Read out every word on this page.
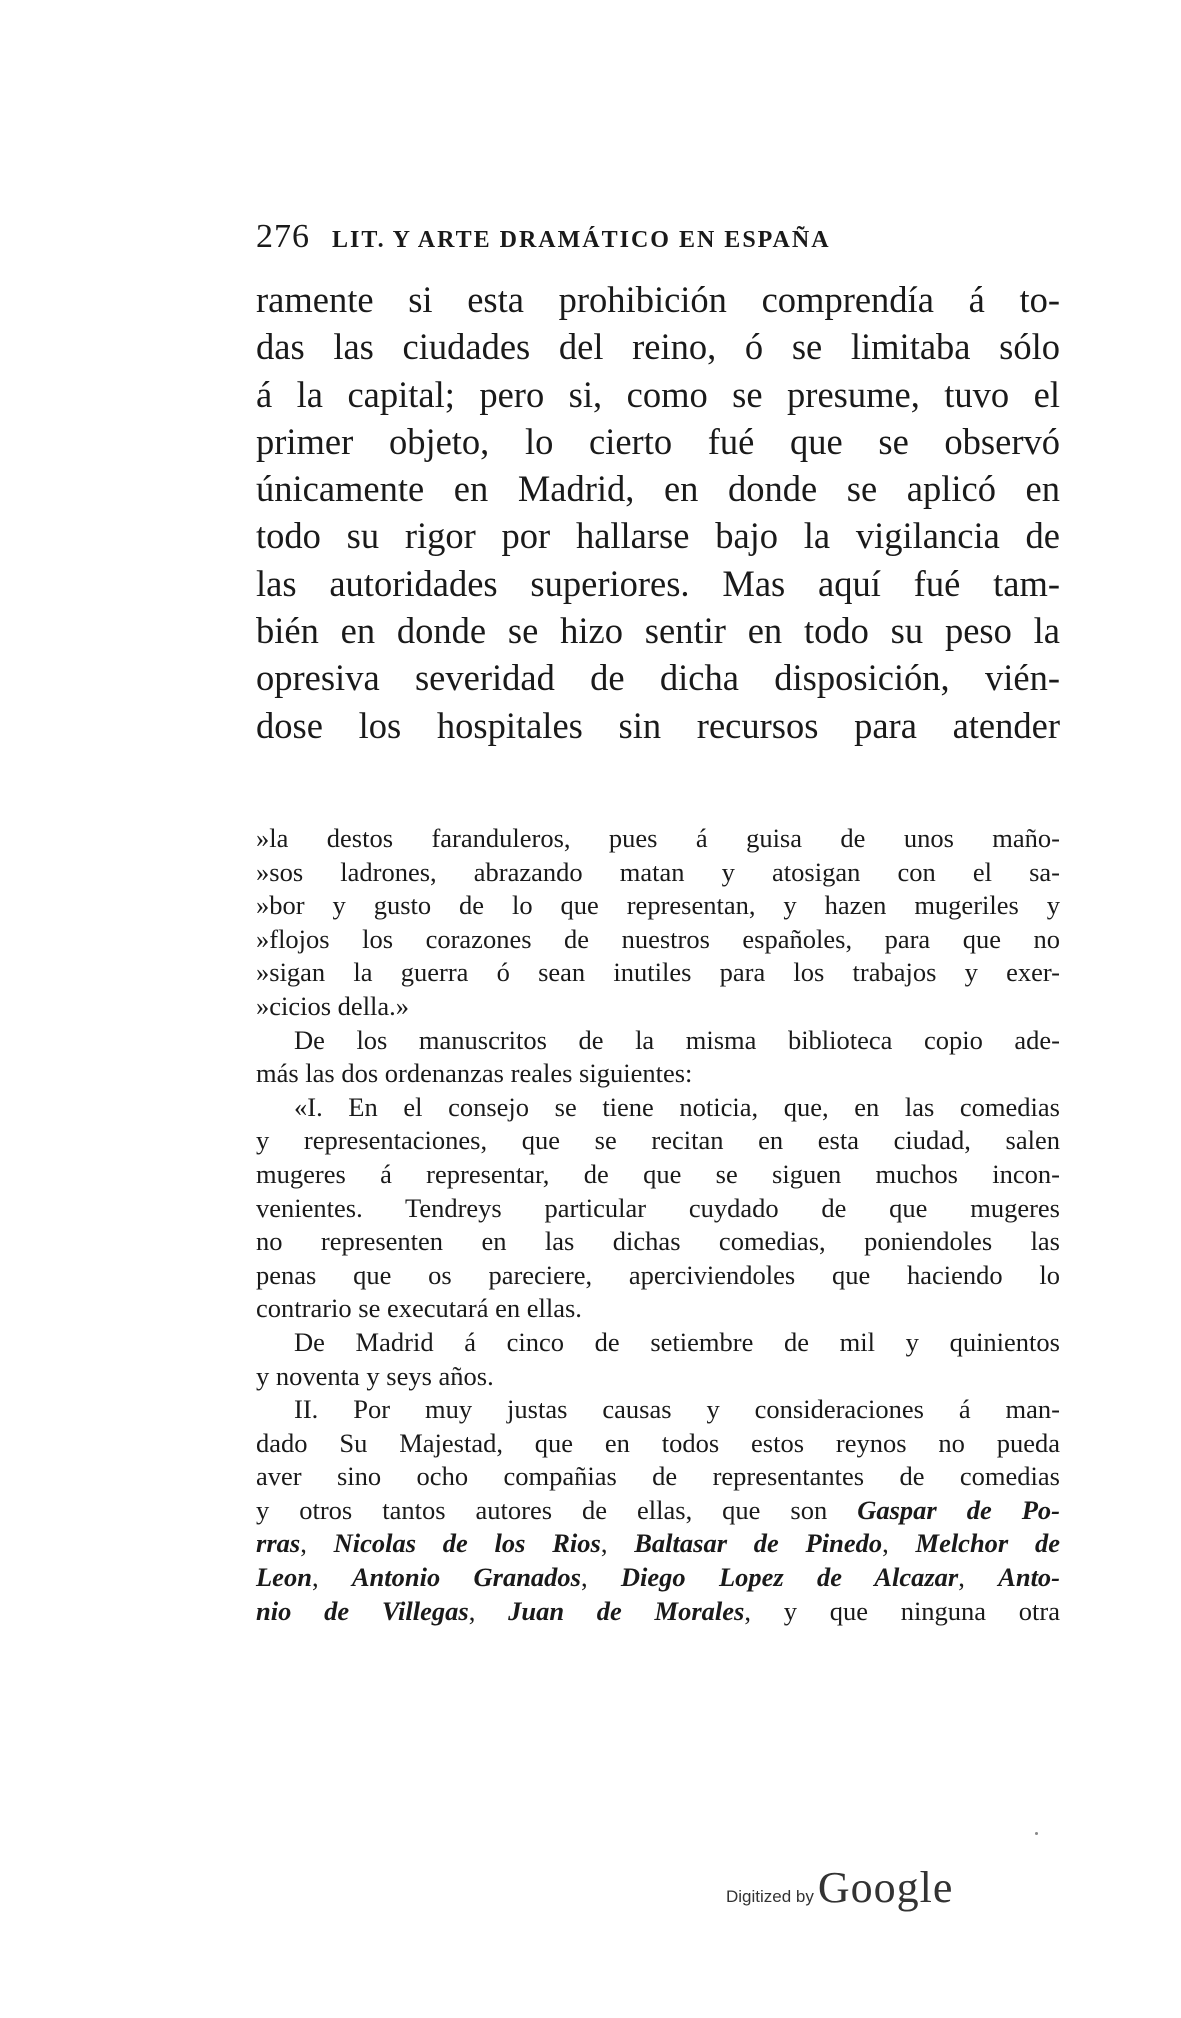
276 LIT. Y ARTE DRAMÁTICO EN ESPAÑA
ramente si esta prohibición comprendía á to-
das las ciudades del reino, ó se limitaba sólo
á la capital; pero si, como se presume, tuvo el
primer objeto, lo cierto fué que se observó
únicamente en Madrid, en donde se aplicó en
todo su rigor por hallarse bajo la vigilancia de
las autoridades superiores. Mas aquí fué tam-
bién en donde se hizo sentir en todo su peso la
opresiva severidad de dicha disposición, vién-
dose los hospitales sin recursos para atender
»la destos faranduleros, pues á guisa de unos maño-
»sos ladrones, abrazando matan y atosigan con el sa-
»bor y gusto de lo que representan, y hazen mugeriles y
»flojos los corazones de nuestros españoles, para que no
»sigan la guerra ó sean inutiles para los trabajos y exer-
»cicios della.»
De los manuscritos de la misma biblioteca copio ade-
más las dos ordenanzas reales siguientes:
«I. En el consejo se tiene noticia, que, en las comedias
y representaciones, que se recitan en esta ciudad, salen
mugeres á representar, de que se siguen muchos incon-
venientes. Tendreys particular cuydado de que mugeres
no representen en las dichas comedias, poniendoles las
penas que os pareciere, aperciviendoles que haciendo lo
contrario se executará en ellas.
De Madrid á cinco de setiembre de mil y quinientos
y noventa y seys años.
II. Por muy justas causas y consideraciones á man-
dado Su Majestad, que en todos estos reynos no pueda
aver sino ocho compañias de representantes de comedias
y otros tantos autores de ellas, que son Gaspar de Po-
rras, Nicolas de los Rios, Baltasar de Pinedo, Melchor de
Leon, Antonio Granados, Diego Lopez de Alcazar, Anto-
nio de Villegas, Juan de Morales, y que ninguna otra
Digitized by Google
